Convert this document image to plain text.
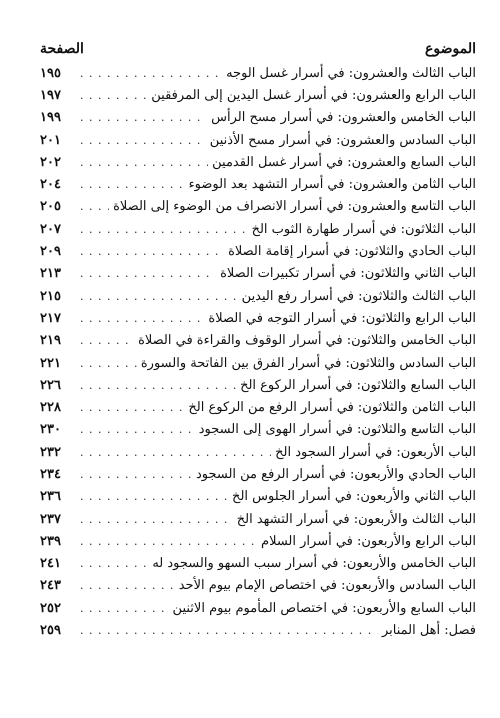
الموضوع
الصفحة
الباب الثالث والعشرون: في أسرار غسل الوجه
. . .
١٩٥
الباب الرابع والعشرون: في أسرار غسل اليدين إلى المرفقين
. . .
١٩٧
الباب الخامس والعشرون: في أسرار مسح الرأس
. . .
١٩٩
الباب السادس والعشرون: في أسرار مسح الأذنين
. . .
٢٠١
الباب السابع والعشرون: في أسرار غسل القدمين
. . .
٢٠٢
الباب الثامن والعشرون: في أسرار التشهد بعد الوضوء
. . .
٢٠٤
الباب التاسع والعشرون: في أسرار الانصراف من الوضوء إلى الصلاة
. . .
٢٠٥
الباب الثلاثون: في أسرار طهارة الثوب الخ
. . .
٢٠٧
الباب الحادي والثلاثون: في أسرار إقامة الصلاة
. . .
٢٠٩
الباب الثاني والثلاثون: في أسرار تكبيرات الصلاة
. . .
٢١٣
الباب الثالث والثلاثون: في أسرار رفع اليدين
. . .
٢١٥
الباب الرابع والثلاثون: في أسرار التوجه في الصلاة
. . .
٢١٧
الباب الخامس والثلاثون: في أسرار الوقوف والقراءة في الصلاة
. . .
٢١٩
الباب السادس والثلاثون: في أسرار الفرق بين الفاتحة والسورة
. . .
٢٢١
الباب السابع والثلاثون: في أسرار الركوع الخ
. . .
٢٢٦
الباب الثامن والثلاثون: في أسرار الرفع من الركوع الخ
. . .
٢٢٨
الباب التاسع والثلاثون: في أسرار الهوى إلى السجود
. . .
٢٣٠
الباب الأربعون: في أسرار السجود الخ
. . .
٢٣٢
الباب الحادي والأربعون: في أسرار الرفع من السجود
. . .
٢٣٤
الباب الثاني والأربعون: في أسرار الجلوس الخ
. . .
٢٣٦
الباب الثالث والأربعون: في أسرار التشهد الخ
. . .
٢٣٧
الباب الرابع والأربعون: في أسرار السلام
. . .
٢٣٩
الباب الخامس والأربعون: في أسرار سبب السهو والسجود له
. . .
٢٤١
الباب السادس والأربعون: في اختصاص الإمام بيوم الأحد
. . .
٢٤٣
الباب السابع والأربعون: في اختصاص المأموم بيوم الاثنين
. . .
٢٥٢
فصل: أهل المنابر
. . .
٢٥٩
